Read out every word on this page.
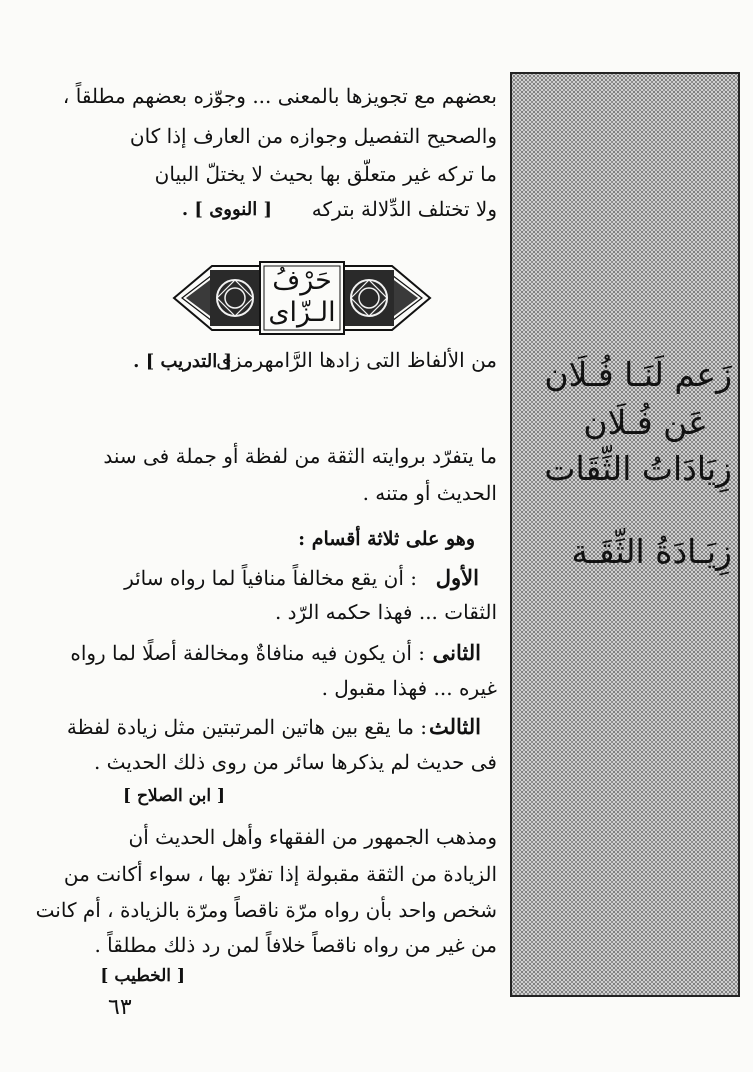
زَعم لَنَـا فُـلَان
عَن فُـلَان
زِيَادَاتُ الثِّقَات
زِيَـادَةُ الثِّقَـة
بعضهم مع تجويزها بالمعنى ... وجوّزه بعضهم مطلقاً ،
والصحيح التفصيل وجوازه من العارف إذا كان
ما تركه غير متعلّق بها بحيث لا يختلّ البيان
ولا تختلف الدِّلالة بتركه
[ النووى ] .
حَرْفُ
الـزّاى
من الألفاظ التى زادها الرَّامهرمزى
[ التدريب ] .
ما يتفرّد بروايته الثقة من لفظة أو جملة فى سند
الحديث أو متنه .
وهو على ثلاثة أقسام :
الأول
: أن يقع مخالفاً منافياً لما رواه سائر
الثقات ... فهذا حكمه الرّد .
الثانى
: أن يكون فيه منافاةٌ ومخالفة أصلًا لما رواه
غيره ... فهذا مقبول .
الثالث
: ما يقع بين هاتين المرتبتين مثل زيادة لفظة
فى حديث لم يذكرها سائر من روى ذلك الحديث .
[ ابن الصلاح ]
ومذهب الجمهور من الفقهاء وأهل الحديث أن
الزيادة من الثقة مقبولة إذا تفرّد بها ، سواء أكانت من
شخص واحد بأن رواه مرّة ناقصاً ومرّة بالزيادة ، أم كانت
من غير من رواه ناقصاً خلافاً لمن رد ذلك مطلقاً .
[ الخطيب ]
٦٣
